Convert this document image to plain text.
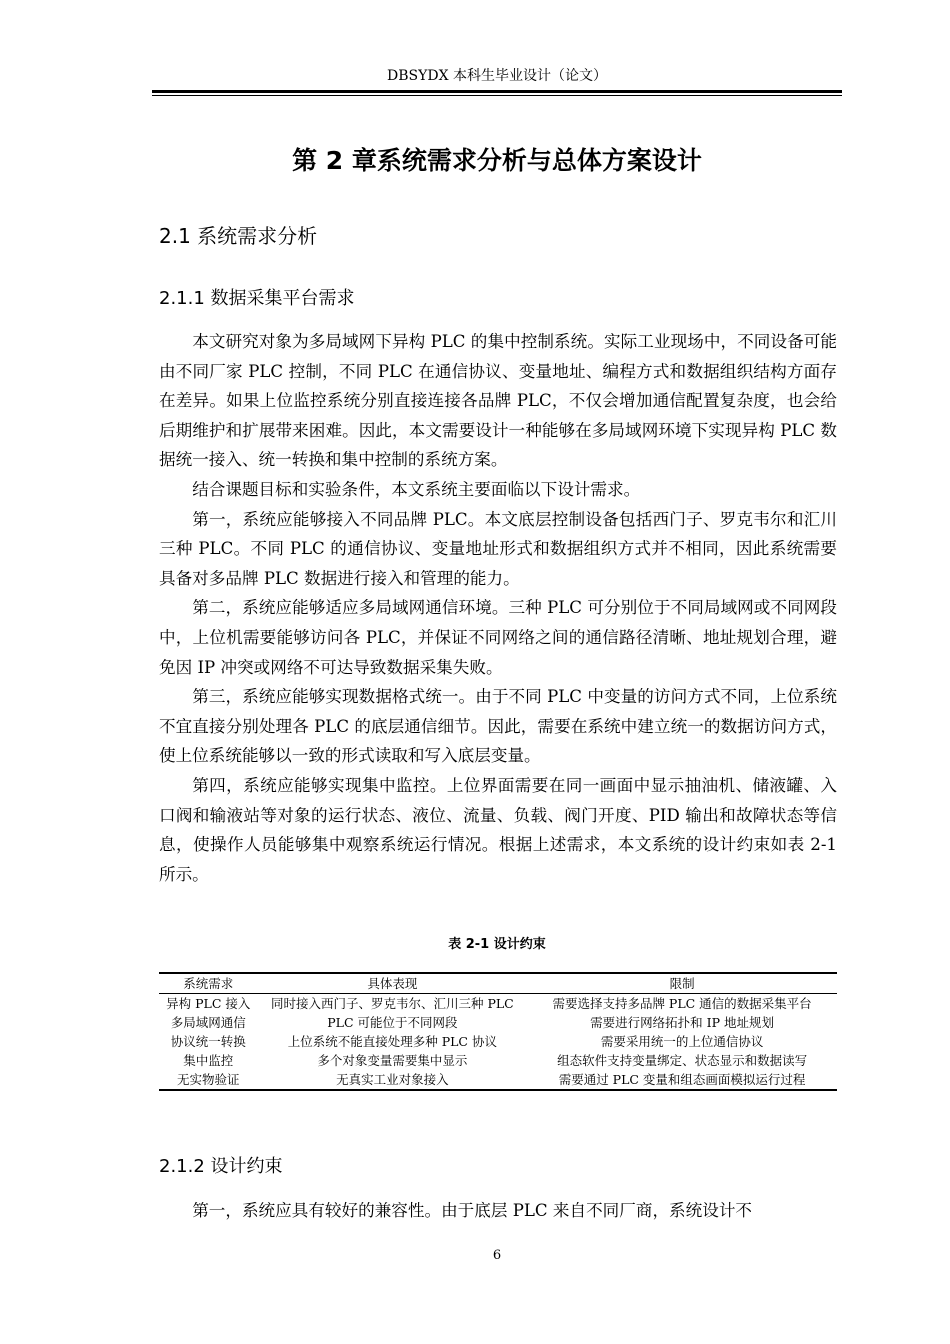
DBSYDX 本科生毕业设计（论文）
第 2 章系统需求分析与总体方案设计
2.1 系统需求分析
2.1.1 数据采集平台需求

本文研究对象为多局域网下异构 PLC 的集中控制系统。实际工业现场中，不同设备可能由不同厂家 PLC 控制，不同 PLC 在通信协议、变量地址、编程方式和数据组织结构方面存在差异。如果上位监控系统分别直接连接各品牌 PLC，不仅会增加通信配置复杂度，也会给后期维护和扩展带来困难。因此，本文需要设计一种能够在多局域网环境下实现异构 PLC 数据统一接入、统一转换和集中控制的系统方案。

结合课题目标和实验条件，本文系统主要面临以下设计需求。

第一，系统应能够接入不同品牌 PLC。本文底层控制设备包括西门子、罗克韦尔和汇川三种 PLC。不同 PLC 的通信协议、变量地址形式和数据组织方式并不相同，因此系统需要具备对多品牌 PLC 数据进行接入和管理的能力。

第二，系统应能够适应多局域网通信环境。三种 PLC 可分别位于不同局域网或不同网段中，上位机需要能够访问各 PLC，并保证不同网络之间的通信路径清晰、地址规划合理，避免因 IP 冲突或网络不可达导致数据采集失败。

第三，系统应能够实现数据格式统一。由于不同 PLC 中变量的访问方式不同，上位系统不宜直接分别处理各 PLC 的底层通信细节。因此，需要在系统中建立统一的数据访问方式，使上位系统能够以一致的形式读取和写入底层变量。

第四，系统应能够实现集中监控。上位界面需要在同一画面中显示抽油机、储液罐、入口阀和输液站等对象的运行状态、液位、流量、负载、阀门开度、PID 输出和故障状态等信息，使操作人员能够集中观察系统运行情况。根据上述需求，本文系统的设计约束如表 2-1 所示。

表 2-1 设计约束
系统需求	具体表现	限制
异构 PLC 接入	同时接入西门子、罗克韦尔、汇川三种 PLC	需要选择支持多品牌 PLC 通信的数据采集平台
多局域网通信	PLC 可能位于不同网段	需要进行网络拓扑和 IP 地址规划
协议统一转换	上位系统不能直接处理多种 PLC 协议	需要采用统一的上位通信协议
集中监控	多个对象变量需要集中显示	组态软件支持变量绑定、状态显示和数据读写
无实物验证	无真实工业对象接入	需要通过 PLC 变量和组态画面模拟运行过程
2.1.2 设计约束

第一，系统应具有较好的兼容性。由于底层 PLC 来自不同厂商，系统设计不

6
